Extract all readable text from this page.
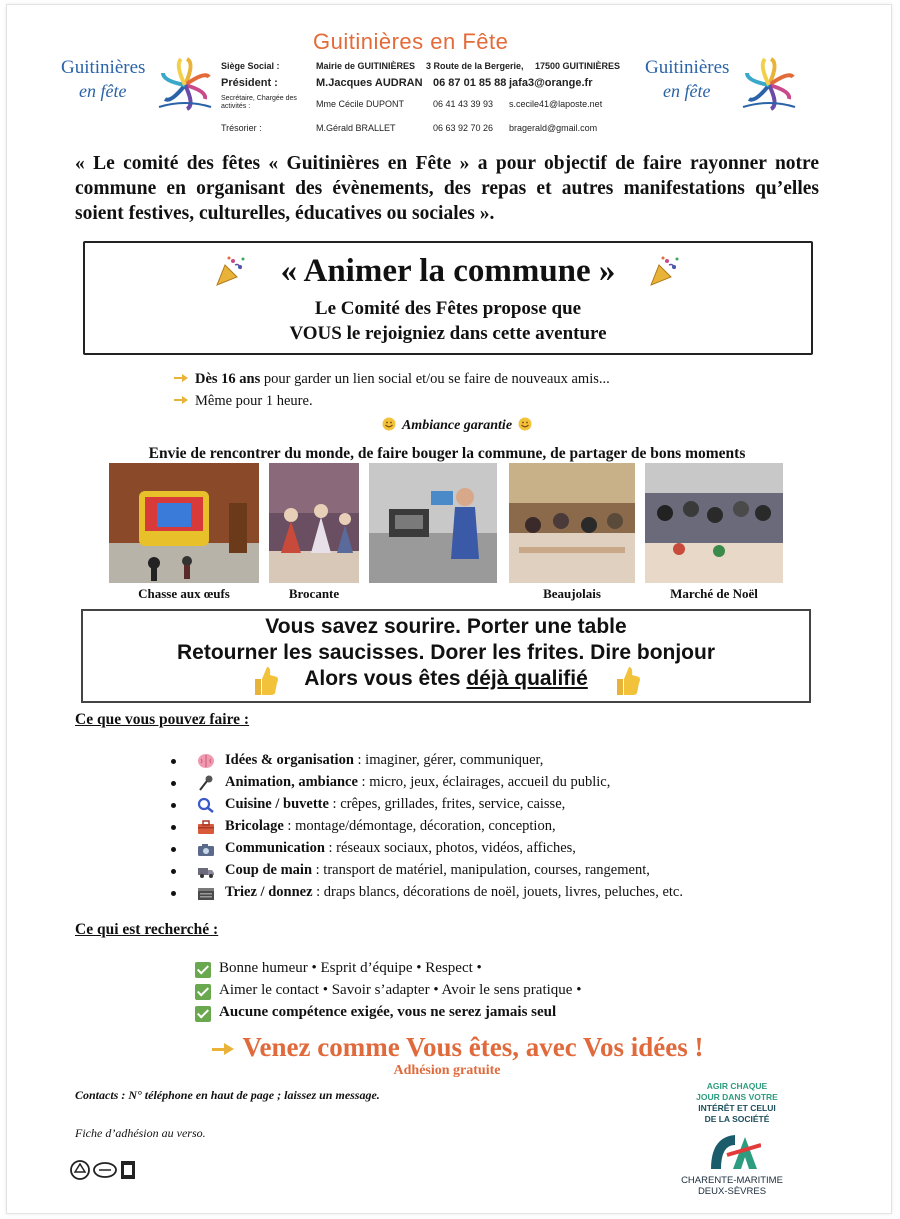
Guitinières
en fête
Guitinières
en fête
Guitinières en Fête
Siège Social :	Mairie de GUITINIÈRES 3 Route de la Bergerie, 17500 GUITINIÈRES
Président :	M.Jacques AUDRAN 06 87 01 85 88 jafa3@orange.fr
Secrétaire, Chargée des activités :	Mme Cécile DUPONT	06 41 43 39 93 s.cecile41@laposte.net
Trésorier :	M.Gérald BRALLET	06 63 92 70 26 bragerald@gmail.com

« Le comité des fêtes « Guitinières en Fête » a pour objectif de faire rayonner notre commune en organisant des évènements, des repas et autres manifestations qu’elles soient festives, culturelles, éducatives ou sociales ».

« Animer la commune »
Le Comité des Fêtes propose que
VOUS le rejoigniez dans cette aventure
Dès 16 ans pour garder un lien social et/ou se faire de nouveaux amis...
Même pour 1 heure.
Ambiance garantie
Envie de rencontrer du monde, de faire bouger la commune, de partager de bons moments
Chasse aux œufs	Brocante	Beaujolais	Marché de Noël
Vous savez sourire. Porter une table
Retourner les saucisses. Dorer les frites. Dire bonjour
Alors vous êtes déjà qualifié
Ce que vous pouvez faire :
Idées & organisation : imaginer, gérer, communiquer,
Animation, ambiance : micro, jeux, éclairages, accueil du public,
Cuisine / buvette : crêpes, grillades, frites, service, caisse,
Bricolage : montage/démontage, décoration, conception,
Communication : réseaux sociaux, photos, vidéos, affiches,
Coup de main : transport de matériel, manipulation, courses, rangement,
Triez / donnez : draps blancs, décorations de noël, jouets, livres, peluches, etc.
Ce qui est recherché :
Bonne humeur • Esprit d’équipe • Respect •
Aimer le contact • Savoir s’adapter • Avoir le sens pratique •
Aucune compétence exigée, vous ne serez jamais seul
Venez comme Vous êtes, avec Vos idées !
Adhésion gratuite
Contacts : N° téléphone en haut de page ; laissez un message.
Fiche d’adhésion au verso.
AGIR CHAQUE
JOUR DANS VOTRE
INTÉRÊT ET CELUI
DE LA SOCIÉTÉ
CHARENTE-MARITIME
DEUX-SÈVRES
